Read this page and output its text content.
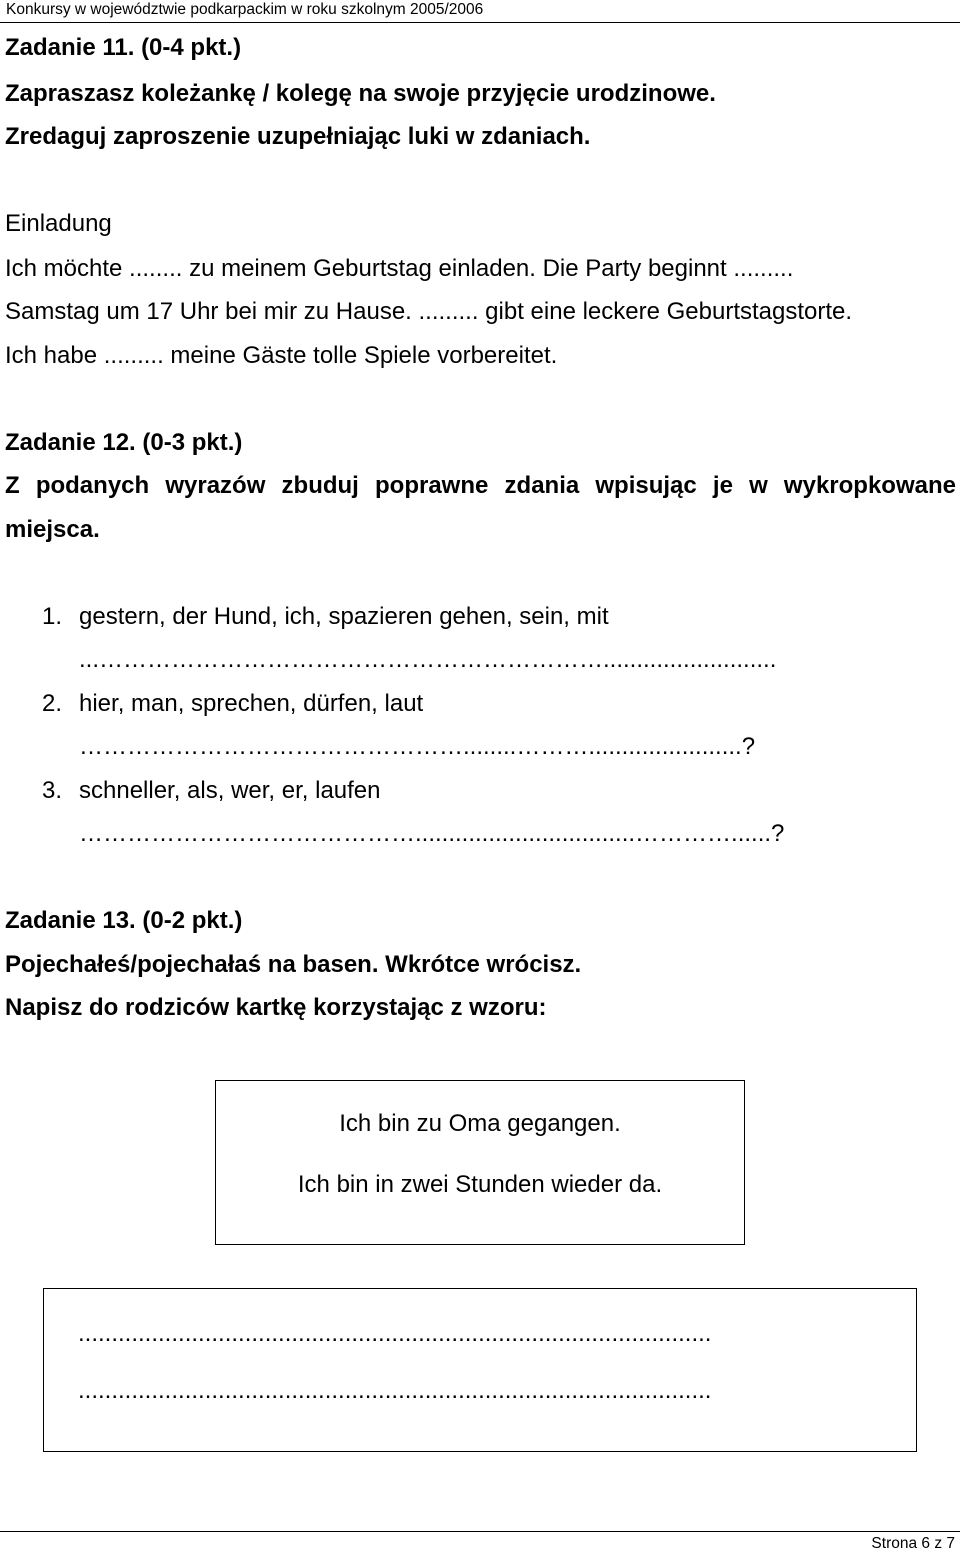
Konkursy w województwie podkarpackim w roku szkolnym 2005/2006
Zadanie 11. (0-4 pkt.)
Zapraszasz koleżankę / kolegę na swoje przyjęcie urodzinowe.
Zredaguj zaproszenie uzupełniając luki w zdaniach.
Einladung
Ich möchte ........ zu meinem Geburtstag einladen. Die Party beginnt .........
Samstag um 17 Uhr bei mir zu Hause. ......... gibt eine leckere Geburtstagstorte.
Ich habe ......... meine Gäste tolle Spiele vorbereitet.
Zadanie 12. (0-3 pkt.)
Z podanych wyrazów zbuduj poprawne zdania wpisując je w wykropkowane
miejsca.
1. gestern, der Hund, ich, spazieren gehen, sein, mit
...………………………………………………………..........................
2. hier, man, sprechen, dürfen, laut
…………………………………………........……….......................?
3. schneller, als, wer, er, laufen
…………………………………….................................…………......?
Zadanie 13. (0-2 pkt.)
Pojechałeś/pojechałaś na basen. Wkrótce wrócisz.
Napisz do rodziców kartkę korzystając z wzoru:
Ich bin zu Oma gegangen.
Ich bin in zwei Stunden wieder da.
...............................................................................................
...............................................................................................
Strona 6 z 7
